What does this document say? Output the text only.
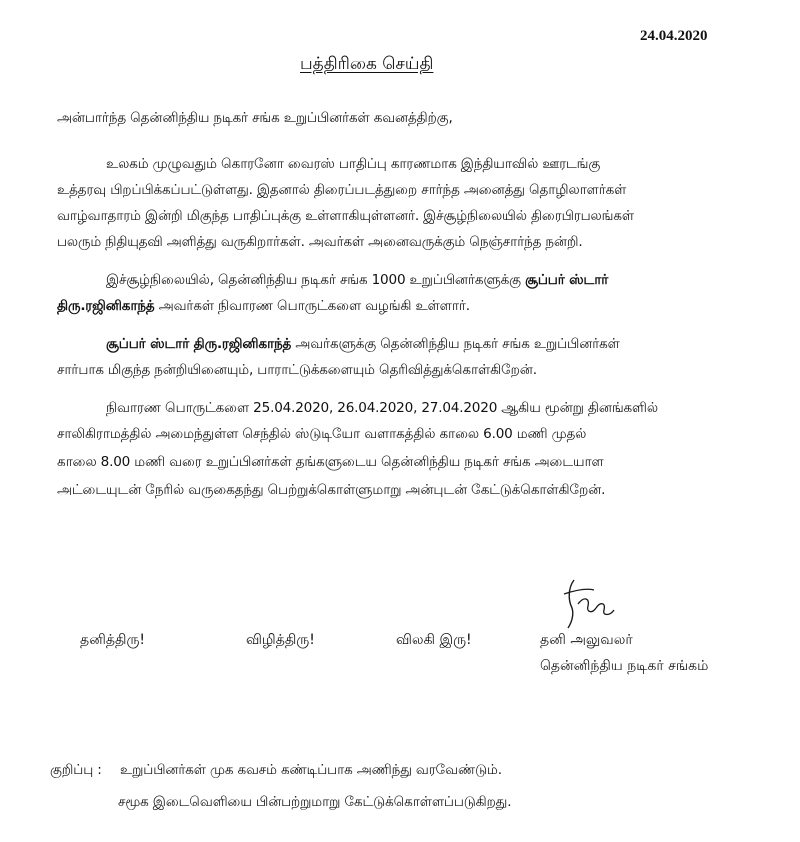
24.04.2020
பத்திரிகை செய்தி
அன்பார்ந்த தென்னிந்திய நடிகர் சங்க உறுப்பினர்கள் கவனத்திற்கு,
உலகம் முழுவதும் கொரனோ வைரஸ் பாதிப்பு காரணமாக இந்தியாவில் ஊரடங்கு
உத்தரவு பிறப்பிக்கப்பட்டுள்ளது. இதனால் திரைப்படத்துறை சார்ந்த அனைத்து தொழிலாளர்கள்
வாழ்வாதாரம் இன்றி மிகுந்த பாதிப்புக்கு உள்ளாகியுள்ளனர். இச்சூழ்நிலையில் திரைபிரபலங்கள்
பலரும் நிதியுதவி அளித்து வருகிறார்கள். அவர்கள் அனைவருக்கும் நெஞ்சார்ந்த நன்றி.
இச்சூழ்நிலையில், தென்னிந்திய நடிகர் சங்க 1000 உறுப்பினர்களுக்கு சூப்பர் ஸ்டார்
திரு.ரஜினிகாந்த் அவர்கள் நிவாரண பொருட்களை வழங்கி உள்ளார்.
சூப்பர் ஸ்டார் திரு.ரஜினிகாந்த் அவர்களுக்கு தென்னிந்திய நடிகர் சங்க உறுப்பினர்கள்
சார்பாக மிகுந்த நன்றியினையும், பாராட்டுக்களையும் தெரிவித்துக்கொள்கிறேன்.
நிவாரண பொருட்களை 25.04.2020, 26.04.2020, 27.04.2020 ஆகிய மூன்று தினங்களில்
சாலிகிராமத்தில் அமைந்துள்ள செந்தில் ஸ்டுடியோ வளாகத்தில் காலை 6.00 மணி முதல்
காலை 8.00 மணி வரை உறுப்பினர்கள் தங்களுடைய தென்னிந்திய நடிகர் சங்க அடையாள
அட்டையுடன் நேரில் வருகைதந்து பெற்றுக்கொள்ளுமாறு அன்புடன் கேட்டுக்கொள்கிறேன்.
தனித்திரு!	விழித்திரு!	விலகி இரு!	தனி அலுவலர்
தென்னிந்திய நடிகர் சங்கம்
குறிப்பு : உறுப்பினர்கள் முக கவசம் கண்டிப்பாக அணிந்து வரவேண்டும்.
சமூக இடைவெளியை பின்பற்றுமாறு கேட்டுக்கொள்ளப்படுகிறது.
